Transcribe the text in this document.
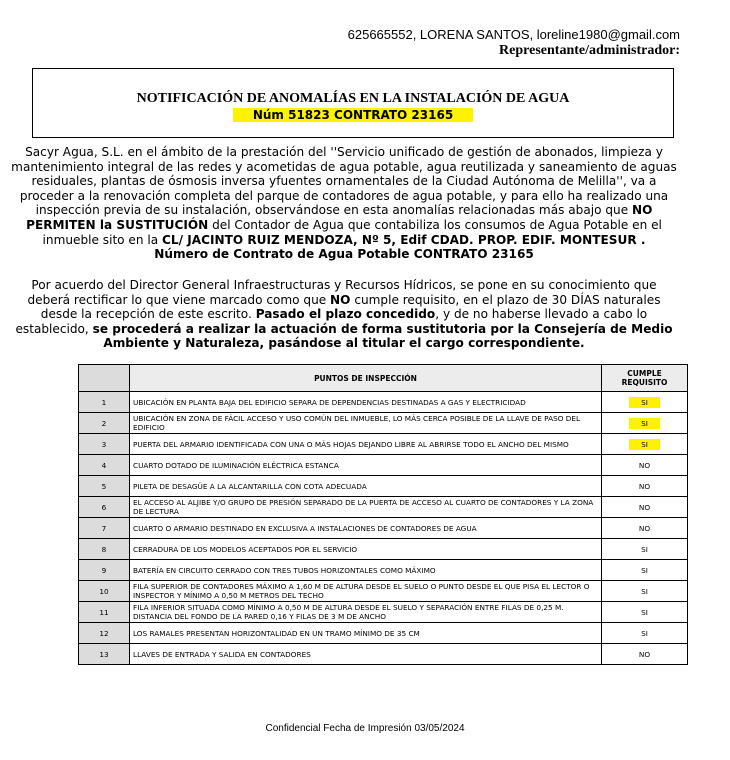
625665552, LORENA SANTOS, loreline1980@gmail.com
Representante/administrador:
NOTIFICACIÓN DE ANOMALÍAS EN LA INSTALACIÓN DE AGUA
Núm 51823 CONTRATO 23165
Sacyr Agua, S.L. en el ámbito de la prestación del ''Servicio unificado de gestión de abonados, limpieza y
mantenimiento integral de las redes y acometidas de agua potable, agua reutilizada y saneamiento de aguas
residuales, plantas de ósmosis inversa yfuentes ornamentales de la Ciudad Autónoma de Melilla'', va a
proceder a la renovación completa del parque de contadores de agua potable, y para ello ha realizado una
inspección previa de su instalación, observándose en esta anomalías relacionadas más abajo que NO
PERMITEN la SUSTITUCIÓN del Contador de Agua que contabiliza los consumos de Agua Potable en el
inmueble sito en la CL/ JACINTO RUIZ MENDOZA, Nº 5, Edif CDAD. PROP. EDIF. MONTESUR .
Número de Contrato de Agua Potable CONTRATO 23165
Por acuerdo del Director General Infraestructuras y Recursos Hídricos, se pone en su conocimiento que
deberá rectificar lo que viene marcado como que NO cumple requisito, en el plazo de 30 DÍAS naturales
desde la recepción de este escrito. Pasado el plazo concedido, y de no haberse llevado a cabo lo
establecido, se procederá a realizar la actuación de forma sustitutoria por la Consejería de Medio
Ambiente y Naturaleza, pasándose al titular el cargo correspondiente.
	PUNTOS DE INSPECCIÓN	CUMPLE REQUISITO
1	UBICACIÓN EN PLANTA BAJA DEL EDIFICIO SEPARA DE DEPENDENCIAS DESTINADAS A GAS Y ELECTRICIDAD	SI
2	UBICACIÓN EN ZONA DE FÁCIL ACCESO Y USO COMÚN DEL INMUEBLE, LO MÁS CERCA POSIBLE DE LA LLAVE DE PASO DEL EDIFICIO	SI
3	PUERTA DEL ARMARIO IDENTIFICADA CON UNA O MÁS HOJAS DEJANDO LIBRE AL ABRIRSE TODO EL ANCHO DEL MISMO	SI
4	CUARTO DOTADO DE ILUMINACIÓN ELÉCTRICA ESTANCA	NO
5	PILETA DE DESAGÜE A LA ALCANTARILLA CON COTA ADECUADA	NO
6	EL ACCESO AL ALJIBE Y/O GRUPO DE PRESIÓN SEPARADO DE LA PUERTA DE ACCESO AL CUARTO DE CONTADORES Y LA ZONA DE LECTURA	NO
7	CUARTO O ARMARIO DESTINADO EN EXCLUSIVA A INSTALACIONES DE CONTADORES DE AGUA	NO
8	CERRADURA DE LOS MODELOS ACEPTADOS POR EL SERVICIO	SI
9	BATERÍA EN CIRCUITO CERRADO CON TRES TUBOS HORIZONTALES COMO MÁXIMO	SI
10	FILA SUPERIOR DE CONTADORES MÁXIMO A 1,60 M DE ALTURA DESDE EL SUELO O PUNTO DESDE EL QUE PISA EL LECTOR O INSPECTOR Y MÍNIMO A 0,50 M METROS DEL TECHO	SI
11	FILA INFERIOR SITUADA COMO MÍNIMO A 0,50 M DE ALTURA DESDE EL SUELO Y SEPARACIÓN ENTRE FILAS DE 0,25 M. DISTANCIA DEL FONDO DE LA PARED 0,16 Y FILAS DE 3 M DE ANCHO	SI
12	LOS RAMALES PRESENTAN HORIZONTALIDAD EN UN TRAMO MÍNIMO DE 35 CM	SI
13	LLAVES DE ENTRADA Y SALIDA EN CONTADORES	NO
Confidencial Fecha de Impresión 03/05/2024
